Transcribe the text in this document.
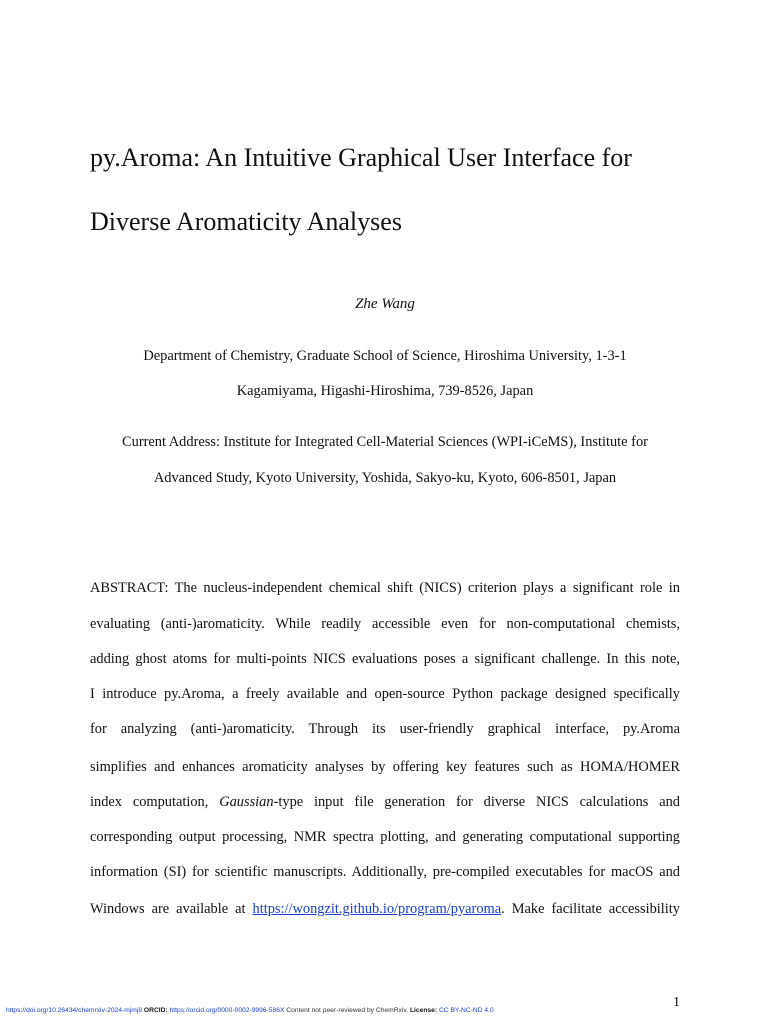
py.Aroma: An Intuitive Graphical User Interface for
Diverse Aromaticity Analyses
Zhe Wang
Department of Chemistry, Graduate School of Science, Hiroshima University, 1-3-1
Kagamiyama, Higashi-Hiroshima, 739-8526, Japan
Current Address: Institute for Integrated Cell-Material Sciences (WPI-iCeMS), Institute for
Advanced Study, Kyoto University, Yoshida, Sakyo-ku, Kyoto, 606-8501, Japan
ABSTRACT: The nucleus-independent chemical shift (NICS) criterion plays a significant role in
evaluating (anti-)aromaticity. While readily accessible even for non-computational chemists,
adding ghost atoms for multi-points NICS evaluations poses a significant challenge. In this note,
I introduce py.Aroma, a freely available and open-source Python package designed specifically
for analyzing (anti-)aromaticity. Through its user-friendly graphical interface, py.Aroma
simplifies and enhances aromaticity analyses by offering key features such as HOMA/HOMER
index computation, Gaussian-type input file generation for diverse NICS calculations and
corresponding output processing, NMR spectra plotting, and generating computational supporting
information (SI) for scientific manuscripts. Additionally, pre-compiled executables for macOS and
Windows are available at https://wongzit.github.io/program/pyaroma. Make facilitate accessibility
1
https://doi.org/10.26434/chemrxiv-2024-mjmj8 ORCID: https://orcid.org/0000-0002-9996-586X Content not peer-reviewed by ChemRxiv. License: CC BY-NC-ND 4.0
